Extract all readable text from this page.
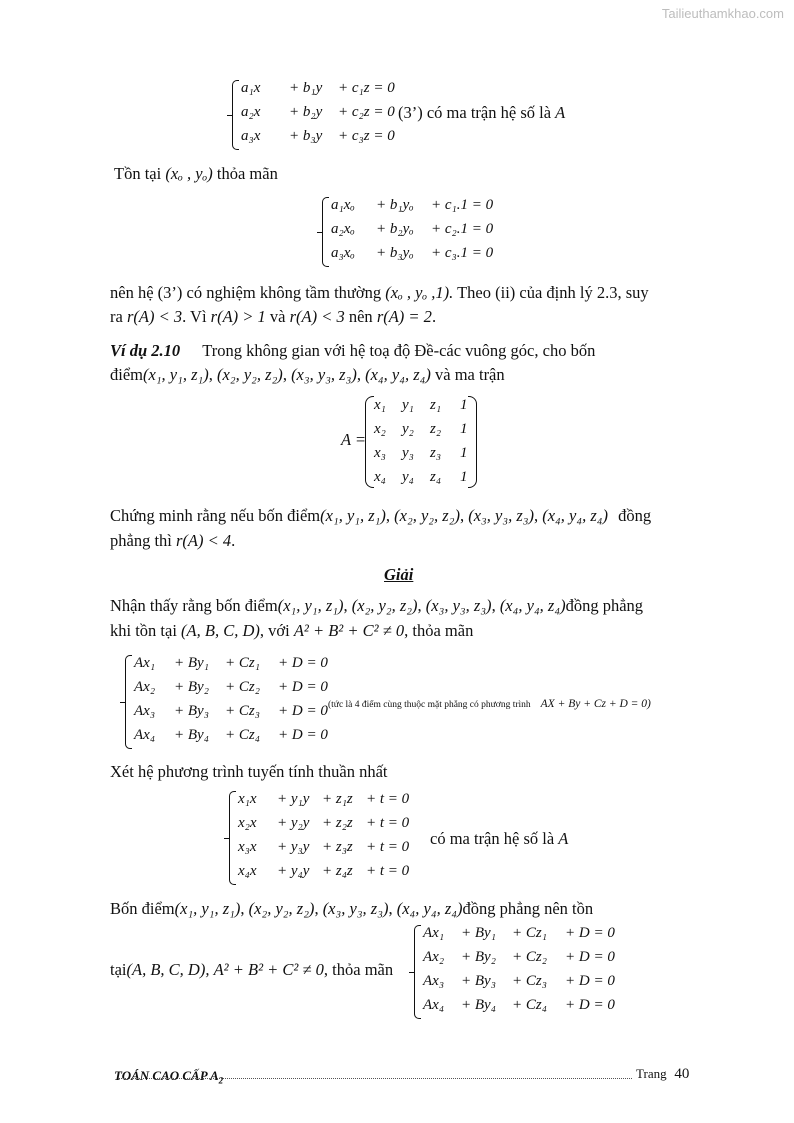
Tailieuthamkhao.com
a₁x + b₁y + c₁z = 0
a₂x + b₂y + c₂z = 0
a₃x + b₃y + c₃z = 0
(3’) có ma trận hệ số là A
Tồn tại (xₒ , yₒ) thỏa mãn
a₁xₒ + b₁yₒ + c₁.1 = 0
a₂xₒ + b₂yₒ + c₂.1 = 0
a₃xₒ + b₃yₒ + c₃.1 = 0
nên hệ (3’) có nghiệm không tầm thường (xₒ , yₒ ,1). Theo (ii) của định lý 2.3, suy
ra r(A) < 3. Vì r(A) > 1 và r(A) < 3 nên r(A) = 2.
Ví dụ 2.10 Trong không gian với hệ toạ độ Đề-các vuông góc, cho bốn
điểm(x₁, y₁, z₁), (x₂, y₂, z₂), (x₃, y₃, z₃), (x₄, y₄, z₄) và ma trận
A =
x₁ y₁ z₁ 1
x₂ y₂ z₂ 1
x₃ y₃ z₃ 1
x₄ y₄ z₄ 1
Chứng minh rằng nếu bốn điểm(x₁, y₁, z₁), (x₂, y₂, z₂), (x₃, y₃, z₃), (x₄, y₄, z₄) đồng
phẳng thì r(A) < 4.
Giải
Nhận thấy rằng bốn điểm(x₁, y₁, z₁), (x₂, y₂, z₂), (x₃, y₃, z₃), (x₄, y₄, z₄)đồng phẳng
khi tồn tại (A, B, C, D), với A² + B² + C² ≠ 0, thỏa mãn
Ax₁ + By₁ + Cz₁ + D = 0
Ax₂ + By₂ + Cz₂ + D = 0
Ax₃ + By₃ + Cz₃ + D = 0
Ax₄ + By₄ + Cz₄ + D = 0
(tức là 4 điểm cùng thuộc mặt phẳng có phương trình AX + By + Cz + D = 0)
Xét hệ phương trình tuyến tính thuần nhất
x₁x + y₁y + z₁z + t = 0
x₂x + y₂y + z₂z + t = 0
x₃x + y₃y + z₃z + t = 0
x₄x + y₄y + z₄z + t = 0
có ma trận hệ số là A
Bốn điểm(x₁, y₁, z₁), (x₂, y₂, z₂), (x₃, y₃, z₃), (x₄, y₄, z₄)đồng phẳng nên tồn
tại(A, B, C, D), A² + B² + C² ≠ 0, thỏa mãn
Ax₁ + By₁ + Cz₁ + D = 0
Ax₂ + By₂ + Cz₂ + D = 0
Ax₃ + By₃ + Cz₃ + D = 0
Ax₄ + By₄ + Cz₄ + D = 0
TOÁN CAO CẤP $A_2$	Trang 40
